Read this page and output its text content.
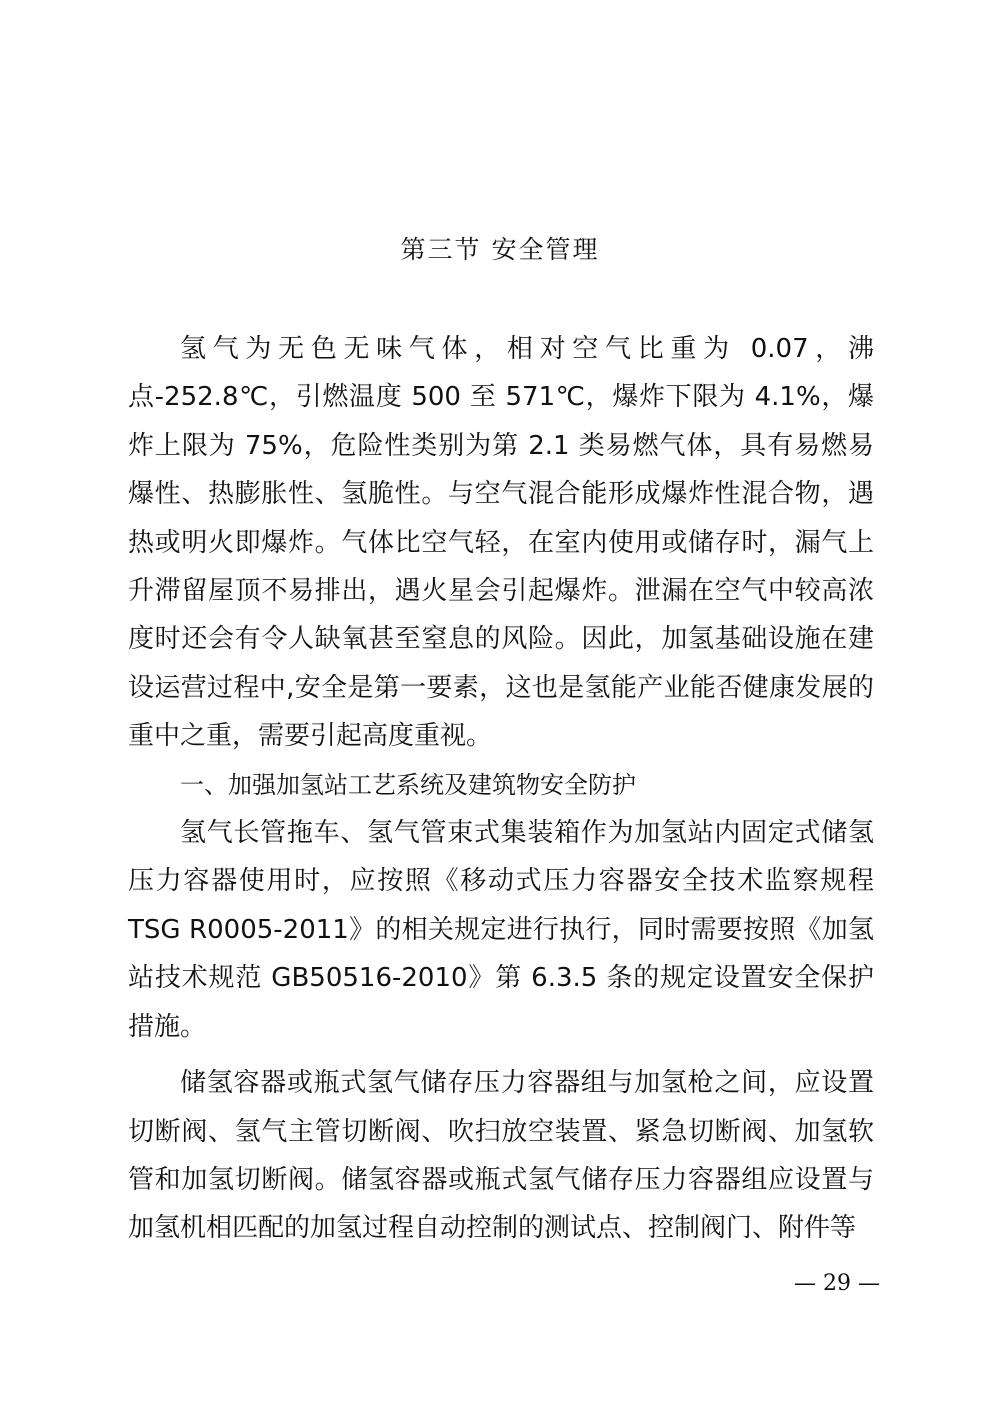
第三节 安全管理

氢气为无色无味气体，相对空气比重为 0.07，沸点-252.8℃，引燃温度 500 至 571℃，爆炸下限为 4.1%，爆炸上限为 75%，危险性类别为第 2.1 类易燃气体，具有易燃易爆性、热膨胀性、氢脆性。与空气混合能形成爆炸性混合物，遇热或明火即爆炸。气体比空气轻，在室内使用或储存时，漏气上升滞留屋顶不易排出，遇火星会引起爆炸。泄漏在空气中较高浓度时还会有令人缺氧甚至窒息的风险。因此，加氢基础设施在建设运营过程中,安全是第一要素，这也是氢能产业能否健康发展的重中之重，需要引起高度重视。

一、加强加氢站工艺系统及建筑物安全防护

氢气长管拖车、氢气管束式集装箱作为加氢站内固定式储氢压力容器使用时，应按照《移动式压力容器安全技术监察规程 TSG R0005-2011》的相关规定进行执行，同时需要按照《加氢站技术规范 GB50516-2010》第 6.3.5 条的规定设置安全保护措施。

储氢容器或瓶式氢气储存压力容器组与加氢枪之间，应设置切断阀、氢气主管切断阀、吹扫放空装置、紧急切断阀、加氢软管和加氢切断阀。储氢容器或瓶式氢气储存压力容器组应设置与加氢机相匹配的加氢过程自动控制的测试点、控制阀门、附件等

— 29 —
